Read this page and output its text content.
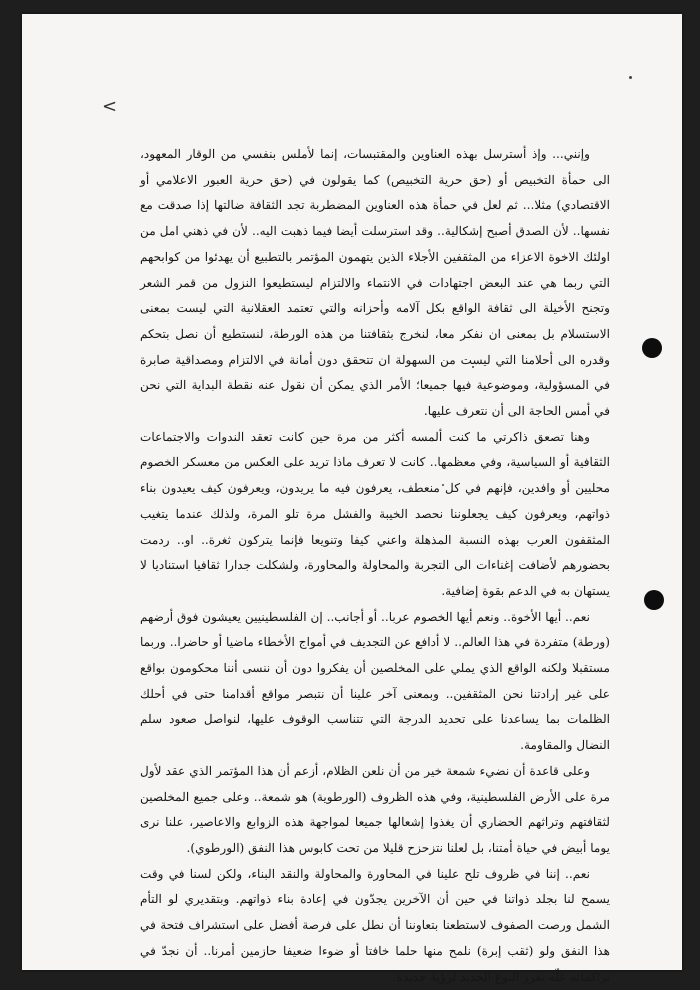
<

وإنني... وإذ أسترسل بهذه العناوين والمقتبسات، إنما لأملس بنفسي من الوقار المعهود، الى حمأة التخبيص أو (حق حرية التخبيص) كما يقولون في (حق حرية العبور الاعلامي أو الاقتصادي) مثلا... ثم لعل في حمأة هذه العناوين المضطربة تجد الثقافة ضالتها إذا صدقت مع نفسها.. لأن الصدق أصبح إشكالية.. وقد استرسلت أيضا فيما ذهبت اليه.. لأن في ذهني امل من اولئك الاخوة الاعزاء من المثقفين الأجلاء الذين يتهمون المؤتمر بالتطبيع أن يهدئوا من كوابحهم التي ربما هي عند البعض اجتهادات في الانتماء والالتزام ليستطيعوا النزول من قمر الشعر وتجنح الأخيلة الى ثقافة الواقع بكل آلامه وأحزانه والتي تعتمد العقلانية التي ليست بمعنى الاستسلام بل بمعنى ان نفكر معا، لنخرج بثقافتنا من هذه الورطة، لنستطيع أن نصل بتحكم وقدره الى أحلامنا التي ليست من السهولة ان تتحقق دون أمانة في الالتزام ومصداقية صابرة في المسؤولية، وموضوعية فيها جميعا؛ الأمر الذي يمكن أن نقول عنه نقطة البداية التي نحن في أمس الحاجة الى أن نتعرف عليها.

وهنا تصعق ذاكرتي ما كنت ألمسه أكثر من مرة حين كانت تعقد الندوات والاجتماعات الثقافية أو السياسية، وفي معظمها.. كانت لا تعرف ماذا تريد على العكس من معسكر الخصوم محليين أو وافدين، فإنهم في كل منعطف، يعرفون فيه ما يريدون، ويعرفون كيف يعيدون بناء ذواتهم، ويعرفون كيف يجعلوننا نحصد الخيبة والفشل مرة تلو المرة، ولذلك عندما يتغيب المثقفون العرب بهذه النسبة المذهلة واعني كيفا وتنويعا فإنما يتركون ثغرة.. او.. ردمت بحضورهم لأضافت إغناءات الى التجربة والمحاولة والمحاورة، ولشكلت جدارا ثقافيا استناديا لا يستهان به في الدعم بقوة إضافية.

نعم.. أيها الأخوة.. ونعم أيها الخصوم عربا.. أو أجانب.. إن الفلسطينيين يعيشون فوق أرضهم (ورطة) متفردة في هذا العالم.. لا أدافع عن التجديف في أمواج الأخطاء ماضيا أو حاضرا.. وربما مستقبلا ولكنه الواقع الذي يملي على المخلصين أن يفكروا دون أن ننسى أننا محكومون بواقع على غير إرادتنا نحن المثقفين.. وبمعنى آخر علينا أن نتبصر مواقع أقدامنا حتى في أحلك الظلمات بما يساعدنا على تحديد الدرجة التي تتناسب الوقوف عليها، لنواصل صعود سلم النضال والمقاومة.

وعلى قاعدة أن نضيء شمعة خير من أن نلعن الظلام، أزعم أن هذا المؤتمر الذي عقد لأول مرة على الأرض الفلسطينية، وفي هذه الظروف (الورطوية) هو شمعة.. وعلى جميع المخلصين لثقافتهم وتراثهم الحضاري أن يغذوا إشعالها جميعا لمواجهة هذه الزوابع والاعاصير، علنا نرى يوما أبيض في حياة أمتنا، بل لعلنا نتزحزح قليلا من تحت كابوس هذا النفق (الورطوي).

نعم.. إننا في ظروف تلح علينا في المحاورة والمحاولة والنقد البناء، ولكن لسنا في وقت يسمح لنا بجلد ذواتنا في حين أن الآخرين يجدّون في إعادة بناء ذواتهم. وبتقديري لو التأم الشمل ورصت الصفوف لاستطعنا بتعاوننا أن نطل على فرصة أفضل على استشراف فتحة في هذا النفق ولو (ثقب إبرة) نلمح منها حلما خافتا أو ضوءا ضعيفا حازمين أمرنا.. أن نجدّ في تراكماته علّه يفرز النوع الجديد لرؤية جديدة.
